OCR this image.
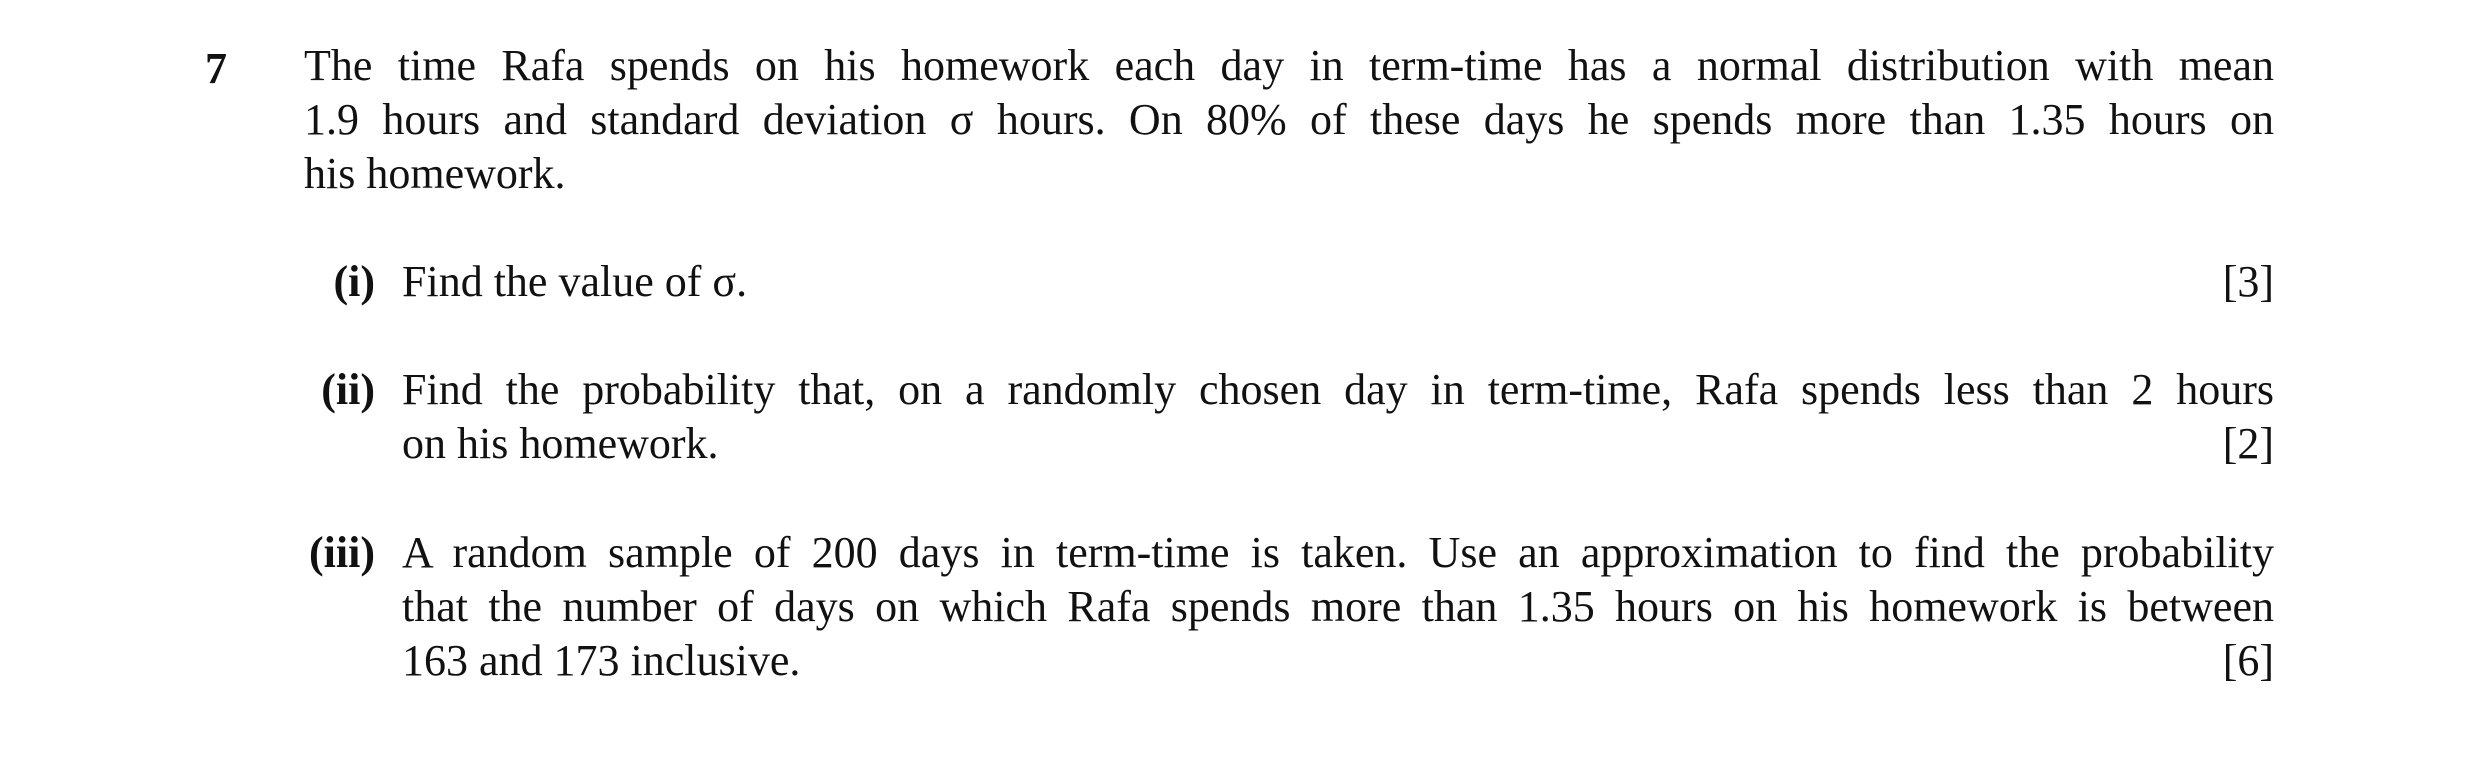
7 The time Rafa spends on his homework each day in term-time has a normal distribution with mean
1.9 hours and standard deviation σ hours. On 80% of these days he spends more than 1.35 hours on
his homework.
(i) Find the value of σ.	[3]
(ii) Find the probability that, on a randomly chosen day in term-time, Rafa spends less than 2 hours
on his homework.	[2]
(iii) A random sample of 200 days in term-time is taken. Use an approximation to find the probability
that the number of days on which Rafa spends more than 1.35 hours on his homework is between
163 and 173 inclusive.	[6]
